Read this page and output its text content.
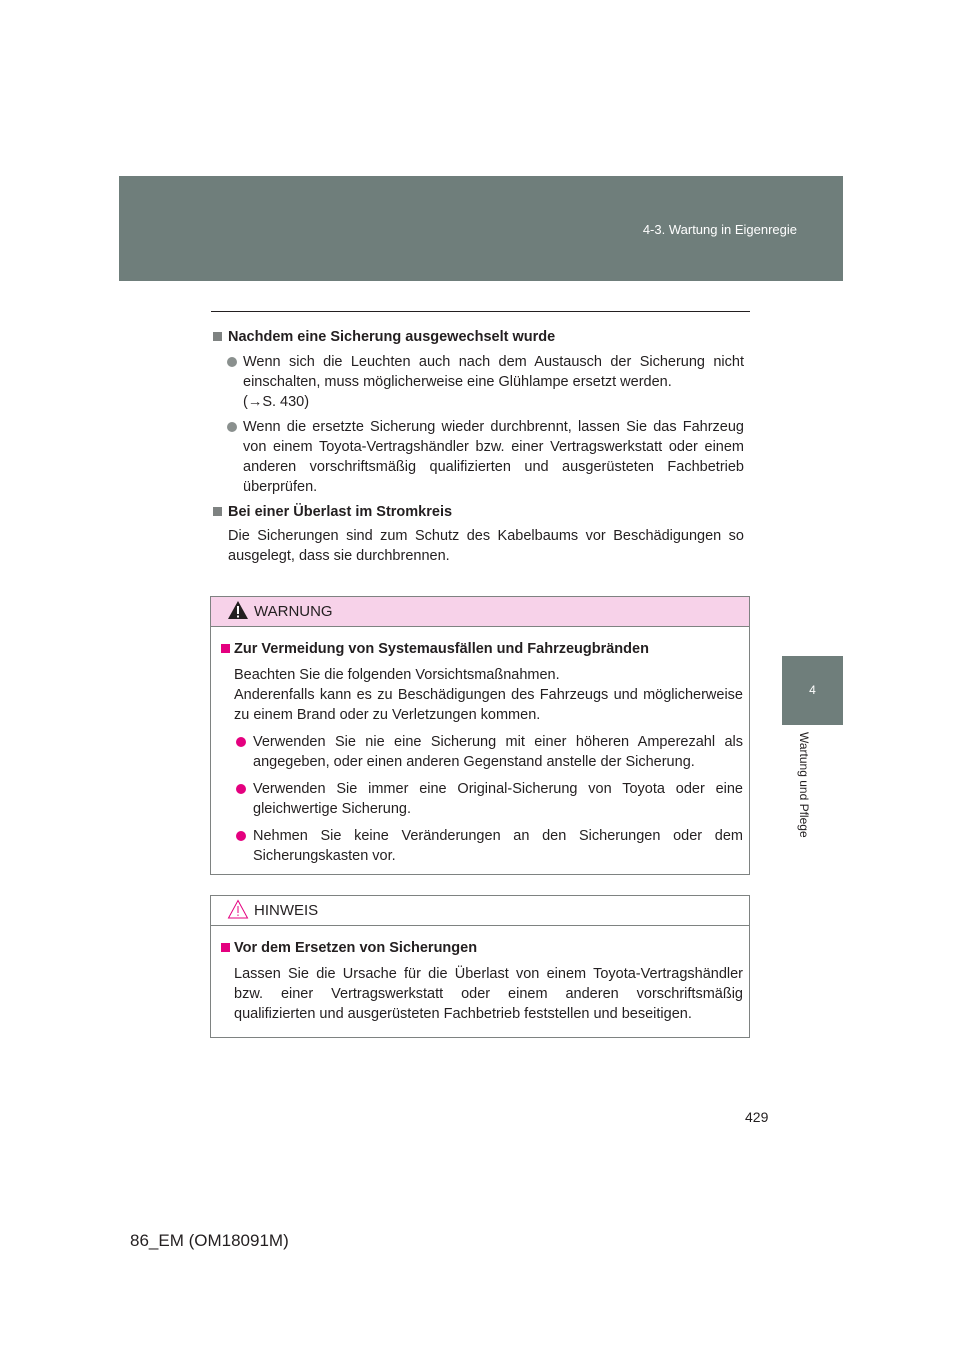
4-3. Wartung in Eigenregie
4
Wartung und Pflege

Nachdem eine Sicherung ausgewechselt wurde

Wenn sich die Leuchten auch nach dem Austausch der Sicherung nicht einschalten, muss möglicherweise eine Glühlampe ersetzt werden.
(→S. 430)

Wenn die ersetzte Sicherung wieder durchbrennt, lassen Sie das Fahrzeug von einem Toyota-Vertragshändler bzw. einer Vertragswerkstatt oder einem anderen vorschriftsmäßig qualifizierten und ausgerüsteten Fachbetrieb überprüfen.

Bei einer Überlast im Stromkreis

Die Sicherungen sind zum Schutz des Kabelbaums vor Beschädigungen so ausgelegt, dass sie durchbrennen.

WARNUNG

Zur Vermeidung von Systemausfällen und Fahrzeugbränden

Beachten Sie die folgenden Vorsichtsmaßnahmen.
Anderenfalls kann es zu Beschädigungen des Fahrzeugs und möglicherweise zu einem Brand oder zu Verletzungen kommen.

Verwenden Sie nie eine Sicherung mit einer höheren Amperezahl als angegeben, oder einen anderen Gegenstand anstelle der Sicherung.

Verwenden Sie immer eine Original-Sicherung von Toyota oder eine gleichwertige Sicherung.

Nehmen Sie keine Veränderungen an den Sicherungen oder dem Sicherungskasten vor.

HINWEIS

Vor dem Ersetzen von Sicherungen

Lassen Sie die Ursache für die Überlast von einem Toyota-Vertragshändler bzw. einer Vertragswerkstatt oder einem anderen vorschriftsmäßig qualifizierten und ausgerüsteten Fachbetrieb feststellen und beseitigen.

429
86_EM (OM18091M)
